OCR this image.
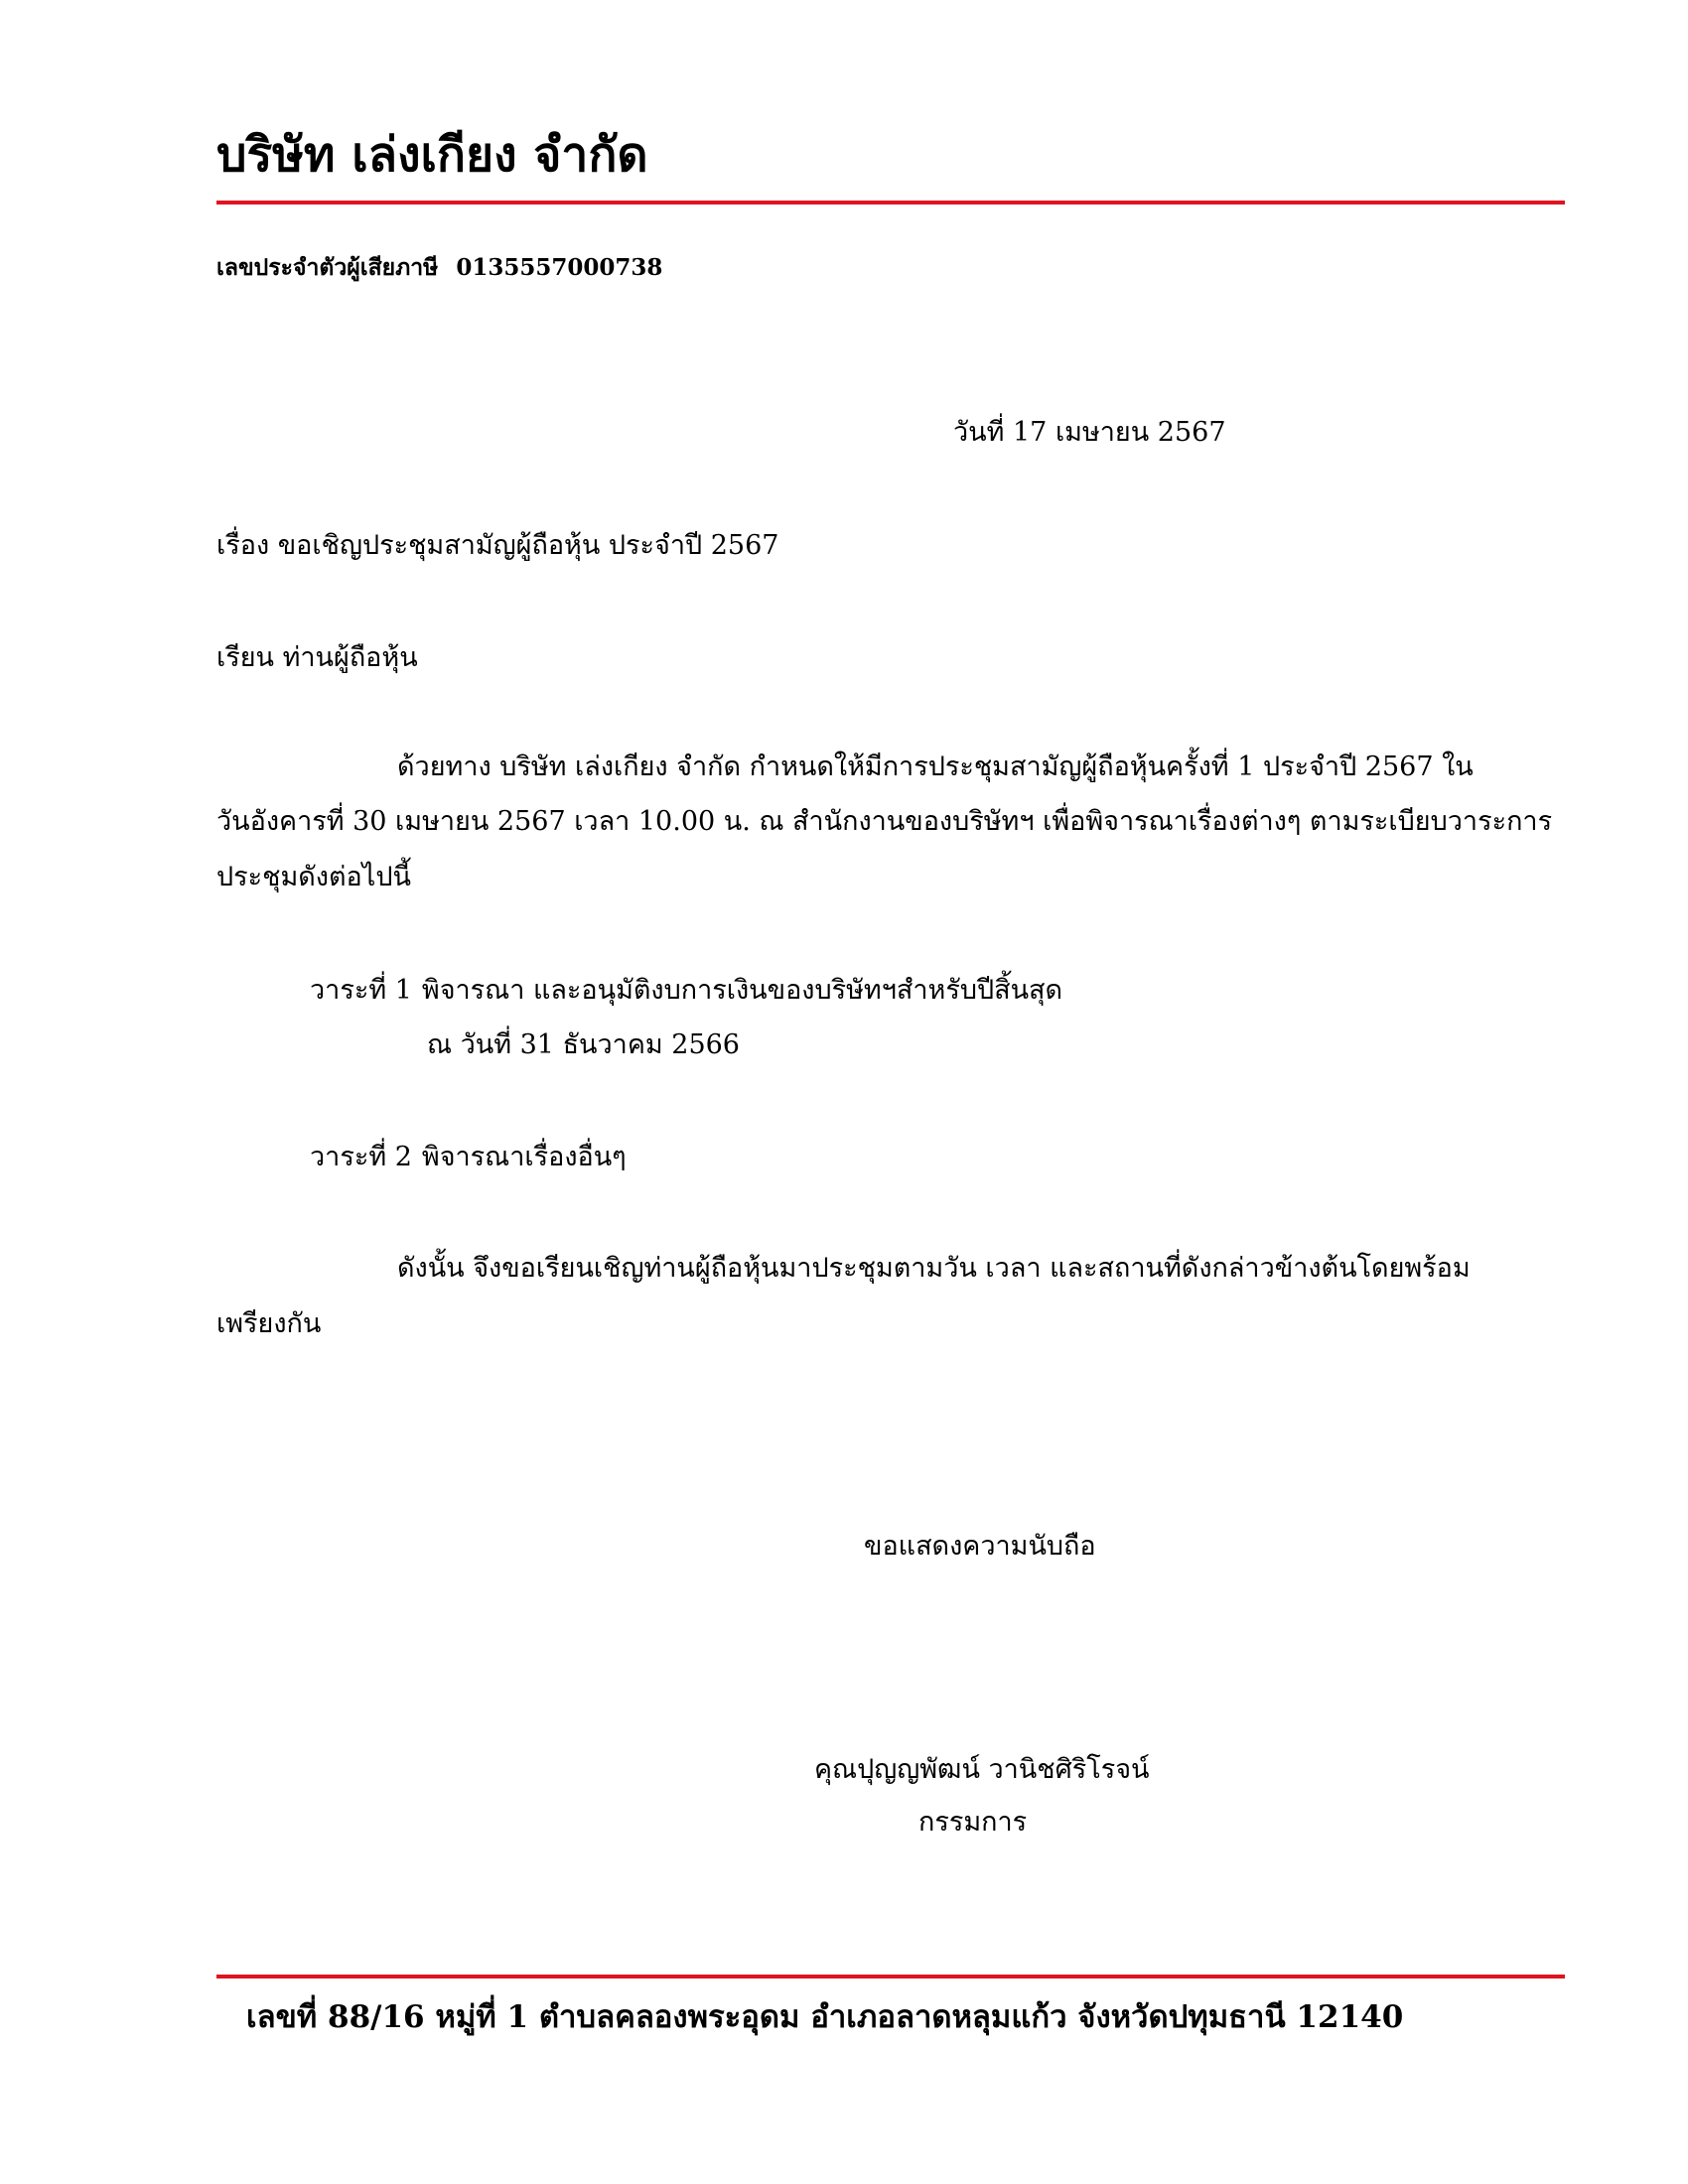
บริษัท เล่งเกียง จำกัด
เลขประจำตัวผู้เสียภาษี 0135557000738
วันที่ 17 เมษายน 2567
เรื่อง ขอเชิญประชุมสามัญผู้ถือหุ้น ประจำปี 2567
เรียน ท่านผู้ถือหุ้น
ด้วยทาง บริษัท เล่งเกียง จำกัด กำหนดให้มีการประชุมสามัญผู้ถือหุ้นครั้งที่ 1 ประจำปี 2567 ใน
วันอังคารที่ 30 เมษายน 2567 เวลา 10.00 น. ณ สำนักงานของบริษัทฯ เพื่อพิจารณาเรื่องต่างๆ ตามระเบียบวาระการ
ประชุมดังต่อไปนี้
วาระที่ 1 พิจารณา และอนุมัติงบการเงินของบริษัทฯสำหรับปีสิ้นสุด
ณ วันที่ 31 ธันวาคม 2566
วาระที่ 2 พิจารณาเรื่องอื่นๆ
ดังนั้น จึงขอเรียนเชิญท่านผู้ถือหุ้นมาประชุมตามวัน เวลา และสถานที่ดังกล่าวข้างต้นโดยพร้อม
เพรียงกัน
ขอแสดงความนับถือ
คุณปุญญพัฒน์ วานิชศิริโรจน์
กรรมการ
เลขที่ 88/16 หมู่ที่ 1 ตำบลคลองพระอุดม อำเภอลาดหลุมแก้ว จังหวัดปทุมธานี 12140
